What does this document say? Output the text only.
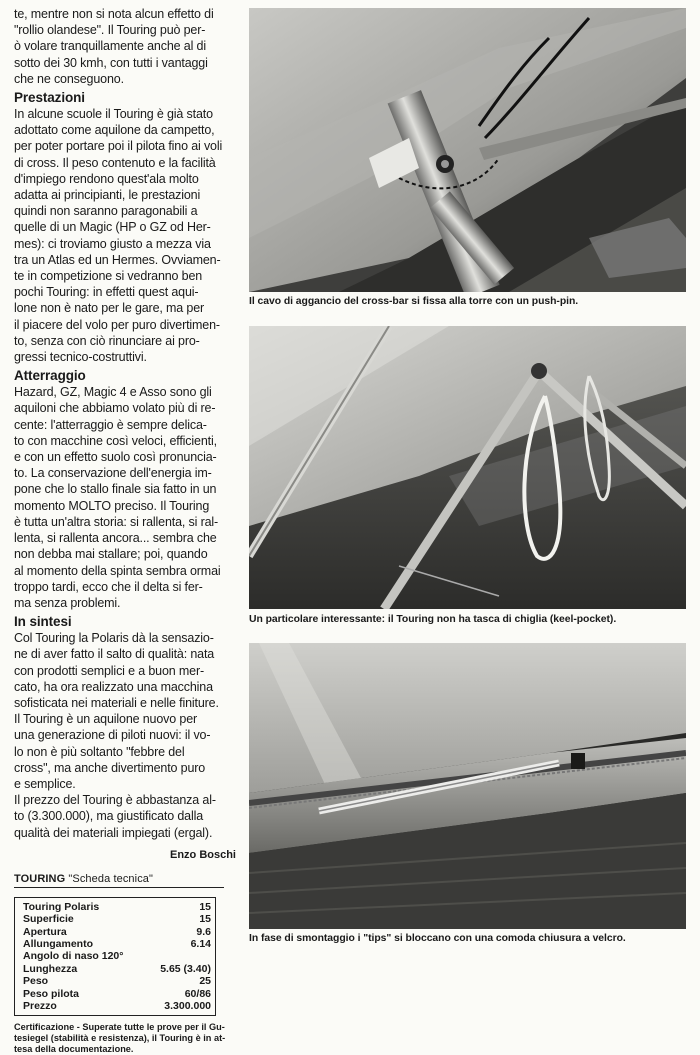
te, mentre non si nota alcun effetto di
"rollio olandese". Il Touring può per-
ò volare tranquillamente anche al di
sotto dei 30 kmh, con tutti i vantaggi
che ne conseguono.

Prestazioni

In alcune scuole il Touring è già stato
adottato come aquilone da campetto,
per poter portare poi il pilota fino ai voli
di cross. Il peso contenuto e la facilità
d'impiego rendono quest'ala molto
adatta ai principianti, le prestazioni
quindi non saranno paragonabili a
quelle di un Magic (HP o GZ od Her-
mes): ci troviamo giusto a mezza via
tra un Atlas ed un Hermes. Ovviamen-
te in competizione si vedranno ben
pochi Touring: in effetti quest aqui-
lone non è nato per le gare, ma per
il piacere del volo per puro divertimen-
to, senza con ciò rinunciare ai pro-
gressi tecnico-costruttivi.

Atterraggio

Hazard, GZ, Magic 4 e Asso sono gli
aquiloni che abbiamo volato più di re-
cente: l'atterraggio è sempre delica-
to con macchine così veloci, efficienti,
e con un effetto suolo così pronuncia-
to. La conservazione dell'energia im-
pone che lo stallo finale sia fatto in un
momento MOLTO preciso. Il Touring
è tutta un'altra storia: si rallenta, si ral-
lenta, si rallenta ancora... sembra che
non debba mai stallare; poi, quando
al momento della spinta sembra ormai
troppo tardi, ecco che il delta si fer-
ma senza problemi.

In sintesi

Col Touring la Polaris dà la sensazio-
ne di aver fatto il salto di qualità: nata
con prodotti semplici e a buon mer-
cato, ha ora realizzato una macchina
sofisticata nei materiali e nelle finiture.
Il Touring è un aquilone nuovo per
una generazione di piloti nuovi: il vo-
lo non è più soltanto "febbre del
cross", ma anche divertimento puro
e semplice.
Il prezzo del Touring è abbastanza al-
to (3.300.000), ma giustificato dalla
qualità dei materiali impiegati (ergal).

Enzo Boschi
TOURING "Scheda tecnica"
Touring Polaris	15
Superficie	15
Apertura	9.6
Allungamento	6.14
Angolo di naso 120°
Lunghezza	5.65 (3.40)
Peso	25
Peso pilota	60/86
Prezzo	3.300.000
Certificazione - Superate tutte le prove per il Gu-
tesiegel (stabilità e resistenza), il Touring è in at-
tesa della documentazione.
Il cavo di aggancio del cross-bar si fissa alla torre con un push-pin.
Un particolare interessante: il Touring non ha tasca di chiglia (keel-pocket).
In fase di smontaggio i "tips" si bloccano con una comoda chiusura a velcro.
